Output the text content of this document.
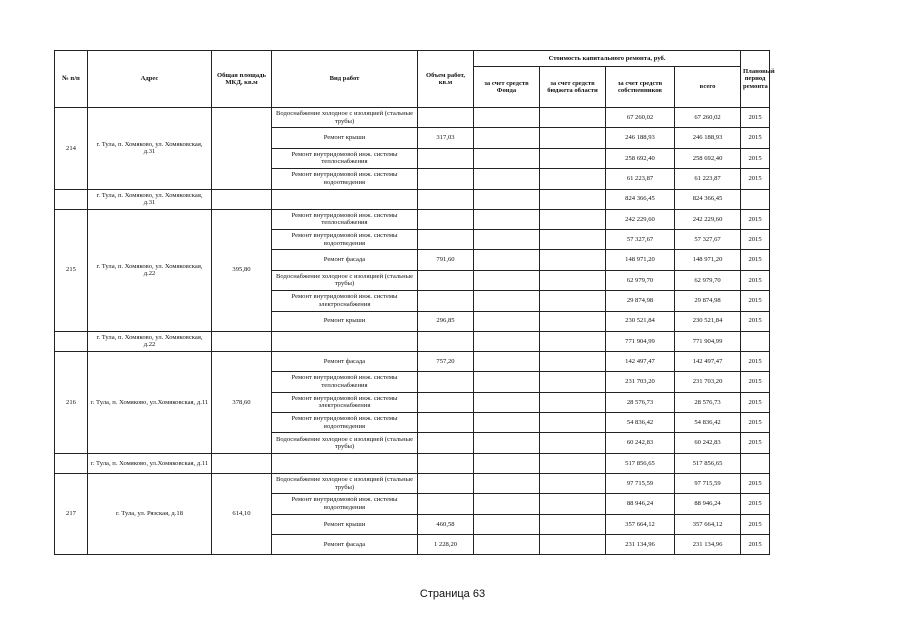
№ п/п	Адрес	Общая площадь МКД, кв.м	Вид работ	Объем работ, кв.м	Стоимость капитального ремонта, руб.				Плановый период ремонта
					за счет средств Фонда	за счет средств бюджета области	за счет средств собственников	всего	
214	г. Тула, п. Хомяково, ул. Хомяковская, д.31		Водоснабжение холодное с изоляцией (стальные трубы)				67 260,02	67 260,02	2015
			Ремонт крыши	317,03			246 188,93	246 188,93	2015
			Ремонт внутридомовой инж. системы теплоснабжения				258 692,40	258 692,40	2015
			Ремонт внутридомовой инж. системы водоотведения				61 223,87	61 223,87	2015
	г. Тула, п. Хомяково, ул. Хомяковская, д.31						824 366,45	824 366,45	
215	г. Тула, п. Хомяково, ул. Хомяковская, д.22	395,80	Ремонт внутридомовой инж. системы теплоснабжения				242 229,60	242 229,60	2015
			Ремонт внутридомовой инж. системы водоотведения				57 327,67	57 327,67	2015
			Ремонт фасада	791,60			148 971,20	148 971,20	2015
			Водоснабжение холодное с изоляцией (стальные трубы)				62 979,70	62 979,70	2015
			Ремонт внутридомовой инж. системы электроснабжения				29 874,98	29 874,98	2015
			Ремонт крыши	296,85			230 521,84	230 521,84	2015
	г. Тула, п. Хомяково, ул. Хомяковская, д.22						771 904,99	771 904,99	
216	г. Тула, п. Хомяково, ул.Хомяковская, д.11	378,60	Ремонт фасада	757,20			142 497,47	142 497,47	2015
			Ремонт внутридомовой инж. системы теплоснабжения				231 703,20	231 703,20	2015
			Ремонт внутридомовой инж. системы электроснабжения				28 576,73	28 576,73	2015
			Ремонт внутридомовой инж. системы водоотведения				54 836,42	54 836,42	2015
			Водоснабжение холодное с изоляцией (стальные трубы)				60 242,83	60 242,83	2015
	г. Тула, п. Хомяково, ул.Хомяковская, д.11						517 856,65	517 856,65	
217	г. Тула, ул. Рязская, д.18	614,10	Водоснабжение холодное с изоляцией (стальные трубы)				97 715,59	97 715,59	2015
			Ремонт внутридомовой инж. системы водоотведения				88 946,24	88 946,24	2015
			Ремонт крыши	460,58			357 664,12	357 664,12	2015
			Ремонт фасада	1 228,20			231 134,96	231 134,96	2015
Страница 63
